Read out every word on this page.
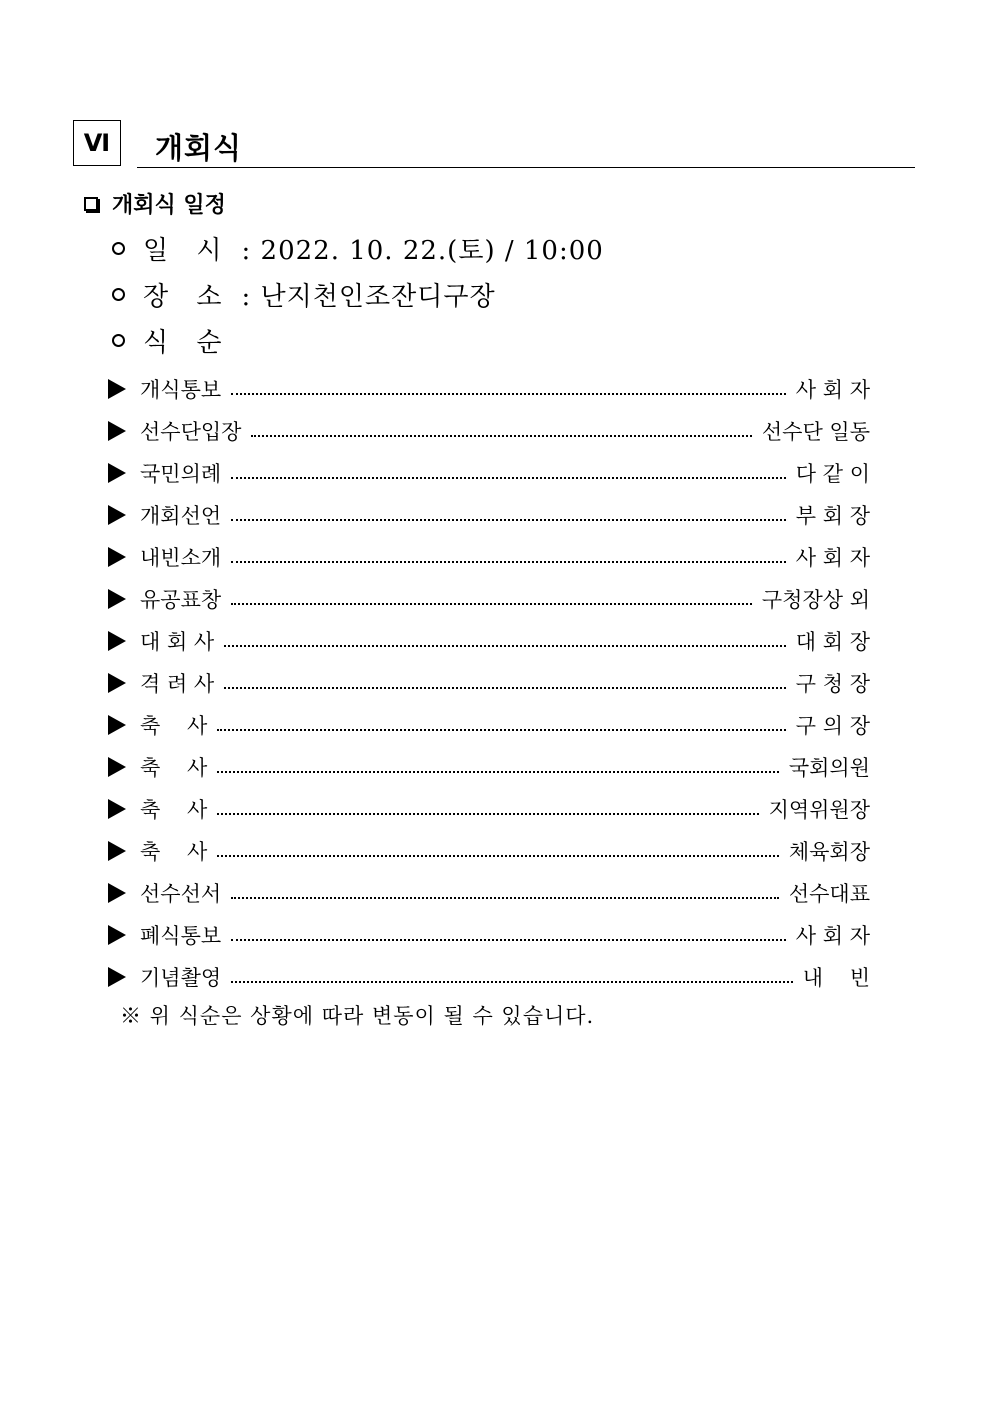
Ⅵ	개회식
개회식 일정
일 시 : 2022. 10. 22.(토) / 10:00
장 소 : 난지천인조잔디구장
식 순
개식통보	사 회 자
선수단입장	선수단 일동
국민의례	다 같 이
개회선언	부 회 장
내빈소개	사 회 자
유공표창	구청장상 외
대 회 사	대 회 장
격 려 사	구 청 장
축    사	구 의 장
축    사	국회의원
축    사	지역위원장
축    사	체육회장
선수선서	선수대표
폐식통보	사 회 자
기념촬영	내    빈
※ 위 식순은 상황에 따라 변동이 될 수 있습니다.
